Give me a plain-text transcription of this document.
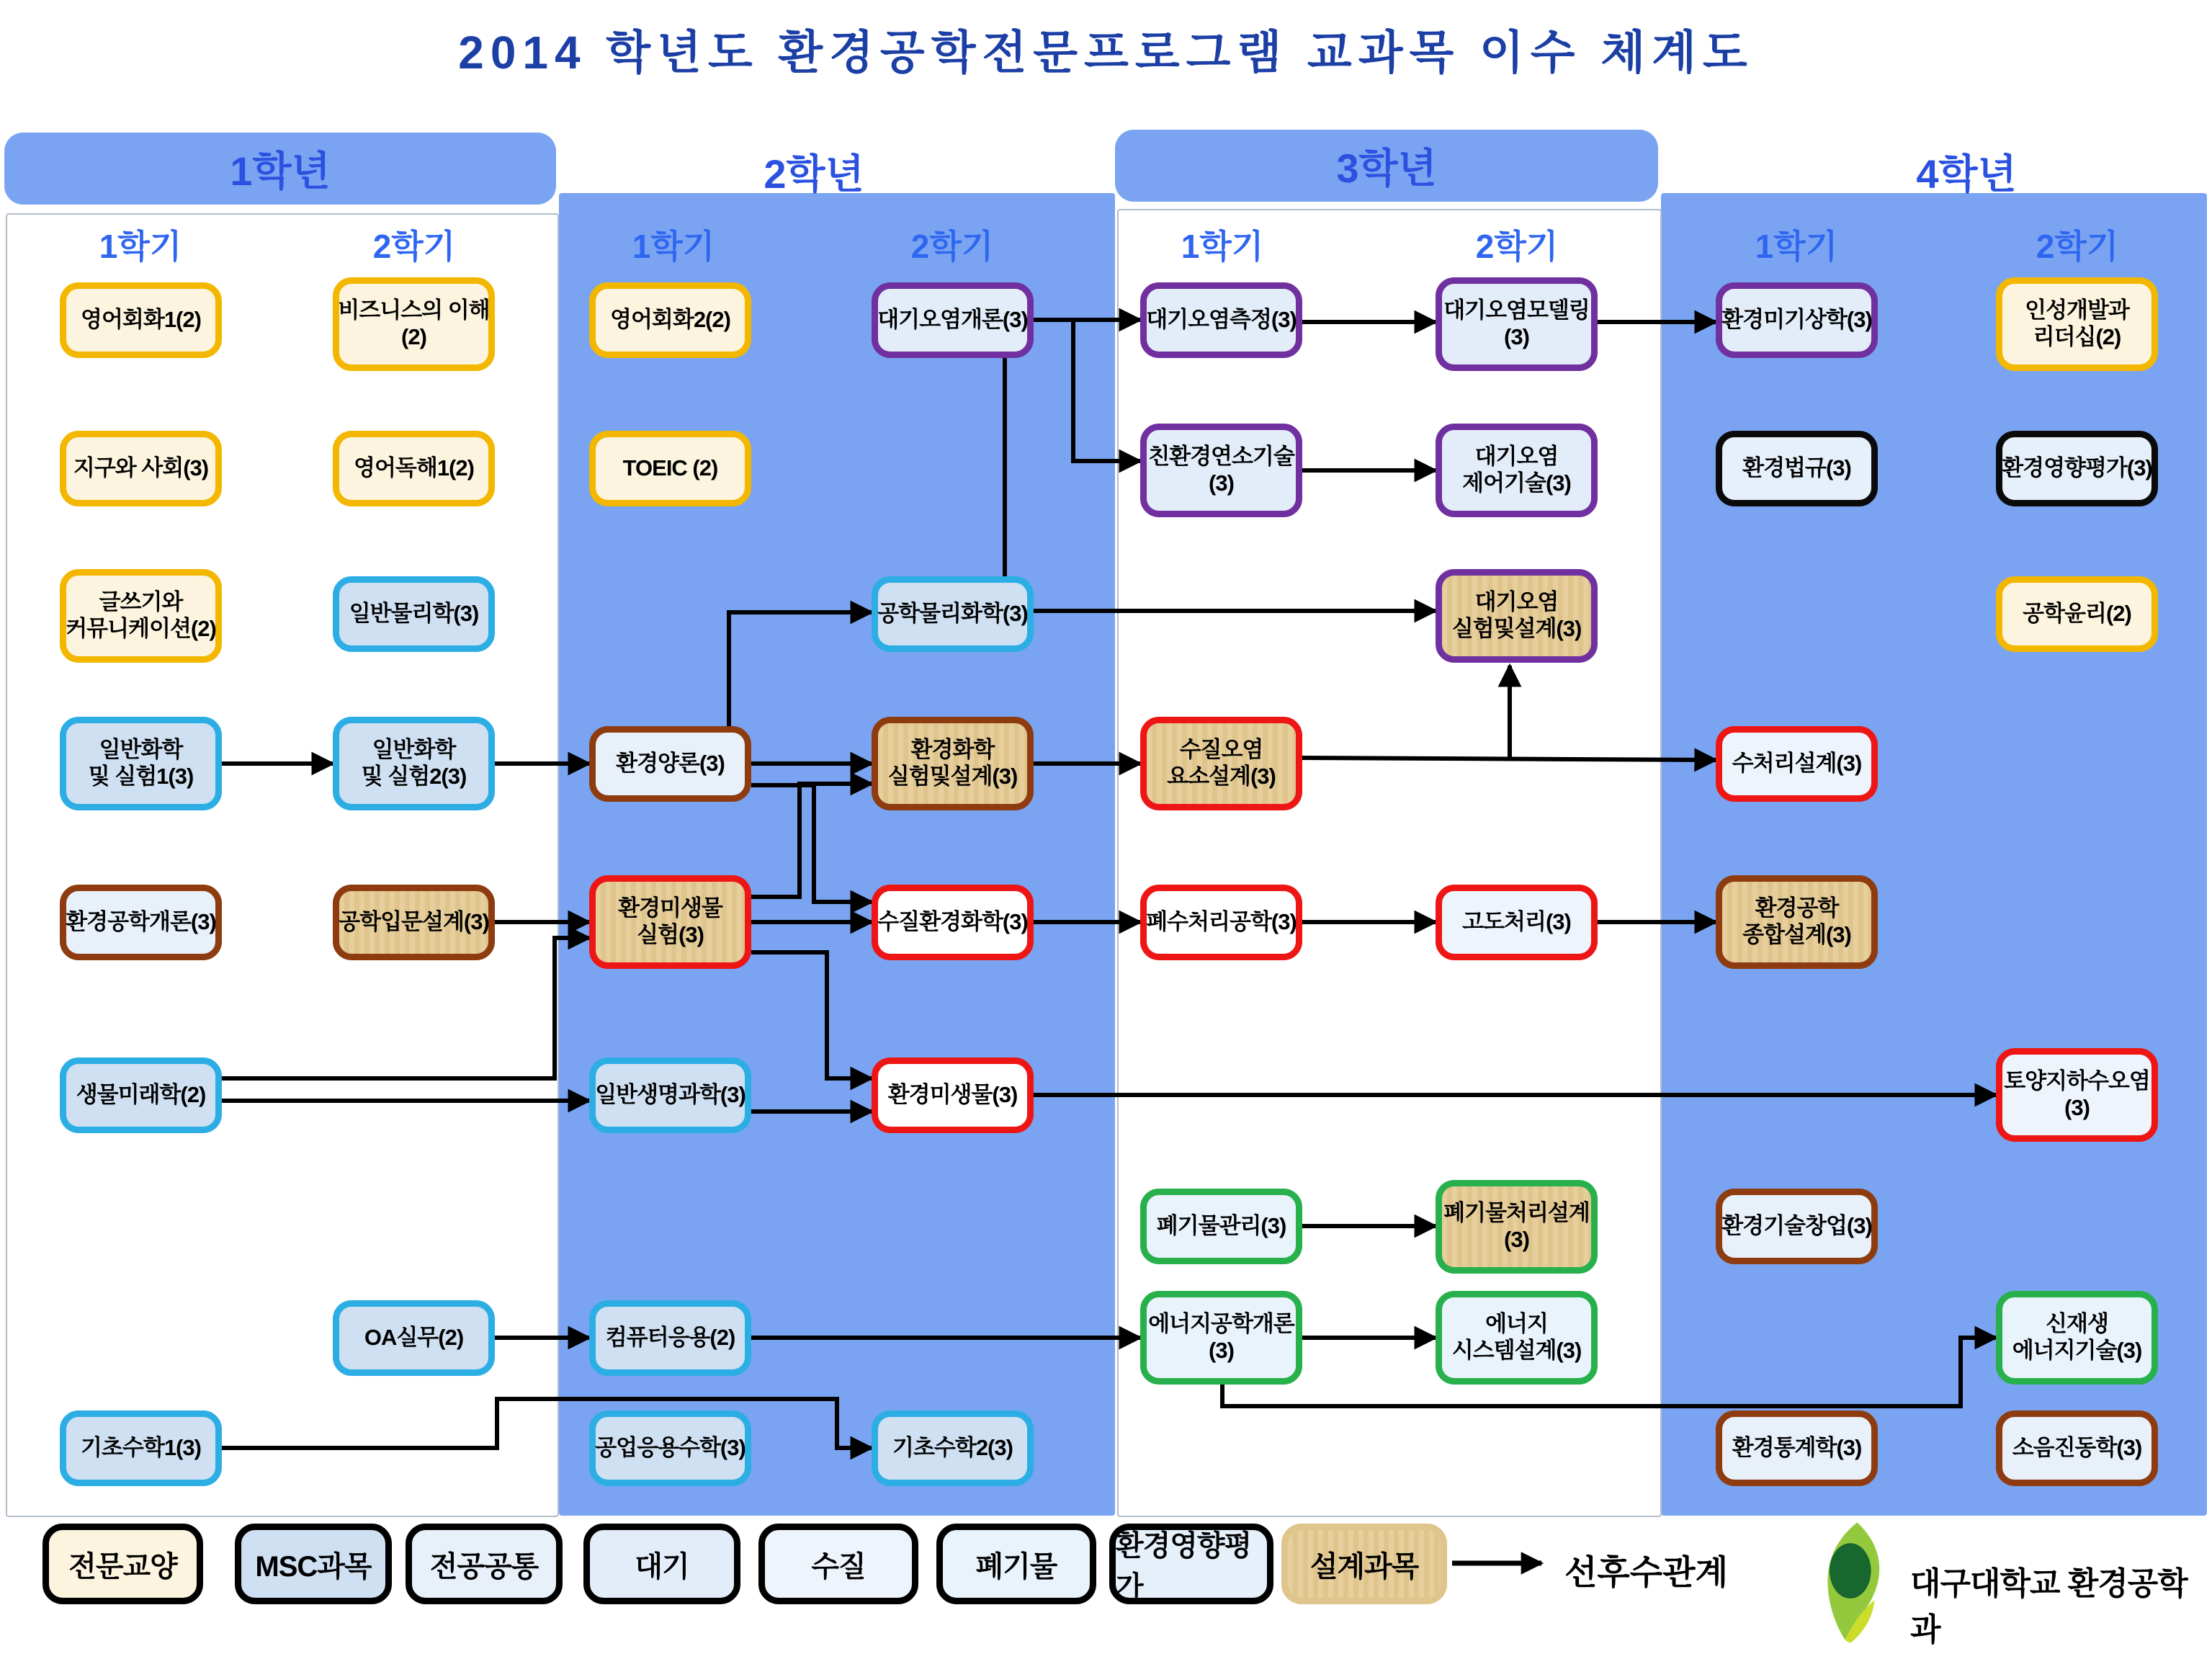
2014 학년도 환경공학전문프로그램 교과목 이수 체계도
1학년	2학년	3학년	4학년
1학기	2학기	1학기	2학기	1학기	2학기	1학기	2학기
영어회화1(2)
지구와 사회(3)
글쓰기와
커뮤니케이션(2)
일반화학
및 실험1(3)
환경공학개론(3)
생물미래학(2)
기초수학1(3)
비즈니스의 이해
(2)
영어독해1(2)
일반물리학(3)
일반화학
및 실험2(3)
공학입문설계(3)
OA실무(2)
영어회화2(2)
TOEIC (2)
환경양론(3)
환경미생물
실험(3)
일반생명과학(3)
컴퓨터응용(2)
공업응용수학(3)
대기오염개론(3)
공학물리화학(3)
환경화학
실험및설계(3)
수질환경화학(3)
환경미생물(3)
기초수학2(3)
대기오염측정(3)
친환경연소기술
(3)
수질오염
요소설계(3)
폐수처리공학(3)
폐기물관리(3)
에너지공학개론
(3)
대기오염모델링
(3)
대기오염
제어기술(3)
대기오염
실험및설계(3)
고도처리(3)
폐기물처리설계
(3)
에너지
시스템설계(3)
환경미기상학(3)
환경법규(3)
수처리설계(3)
환경공학
종합설계(3)
환경기술창업(3)
환경통계학(3)
인성개발과
리더십(2)
환경영향평가(3)
공학윤리(2)
토양지하수오염
(3)
신재생
에너지기술(3)
소음진동학(3)
전문교양	MSC과목	전공공통	대기	수질	폐기물
환경영향평가
설계과목	선후수관계	대구대학교 환경공학과
